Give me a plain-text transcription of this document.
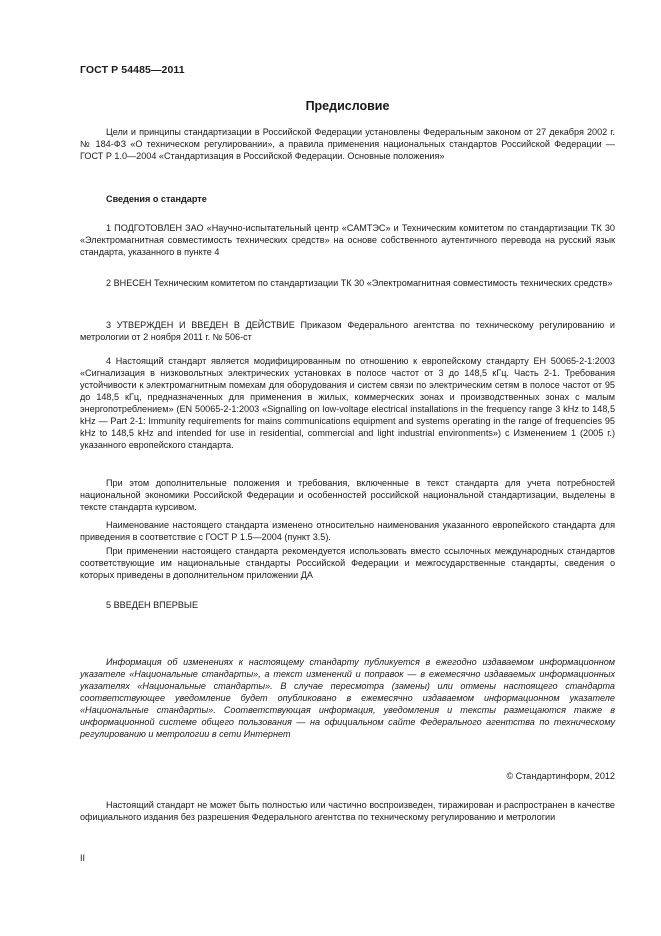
ГОСТ Р 54485—2011
Предисловие
Цели и принципы стандартизации в Российской Федерации установлены Федеральным законом от 27 декабря 2002 г. № 184-ФЗ «О техническом регулировании», а правила применения национальных стандартов Российской Федерации — ГОСТ Р 1.0—2004 «Стандартизация в Российской Федерации. Основные положения»
Сведения о стандарте
1 ПОДГОТОВЛЕН ЗАО «Научно-испытательный центр «САМТЭС» и Техническим комитетом по стандартизации ТК 30 «Электромагнитная совместимость технических средств» на основе собственного аутентичного перевода на русский язык стандарта, указанного в пункте 4
2 ВНЕСЕН Техническим комитетом по стандартизации ТК 30 «Электромагнитная совместимость технических средств»
3 УТВЕРЖДЕН И ВВЕДЕН В ДЕЙСТВИЕ Приказом Федерального агентства по техническому регулированию и метрологии от 2 ноября 2011 г. № 506-ст
4 Настоящий стандарт является модифицированным по отношению к европейскому стандарту ЕН 50065-2-1:2003 «Сигнализация в низковольтных электрических установках в полосе частот от 3 до 148,5 кГц. Часть 2-1. Требования устойчивости к электромагнитным помехам для оборудования и систем связи по электрическим сетям в полосе частот от 95 до 148,5 кГц, предназначенных для применения в жилых, коммерческих зонах и производственных зонах с малым энергопотреблением» (EN 50065-2-1:2003 «Signalling on low-voltage electrical installations in the frequency range 3 kHz to 148,5 kHz — Part 2-1: Immunity requirements for mains communications equipment and systems operating in the range of frequencies 95 kHz to 148,5 kHz and intended for use in residential, commercial and light industrial environments») с Изменением 1 (2005 г.) указанного европейского стандарта.
При этом дополнительные положения и требования, включенные в текст стандарта для учета потребностей национальной экономики Российской Федерации и особенностей российской национальной стандартизации, выделены в тексте стандарта курсивом.
Наименование настоящего стандарта изменено относительно наименования указанного европейского стандарта для приведения в соответствие с ГОСТ Р 1.5—2004 (пункт 3.5).
При применении настоящего стандарта рекомендуется использовать вместо ссылочных международных стандартов соответствующие им национальные стандарты Российской Федерации и межгосударственные стандарты, сведения о которых приведены в дополнительном приложении ДА
5 ВВЕДЕН ВПЕРВЫЕ
Информация об изменениях к настоящему стандарту публикуется в ежегодно издаваемом информационном указателе «Национальные стандарты», а текст изменений и поправок — в ежемесячно издаваемых информационных указателях «Национальные стандарты». В случае пересмотра (замены) или отмены настоящего стандарта соответствующее уведомление будет опубликовано в ежемесячно издаваемом информационном указателе «Национальные стандарты». Соответствующая информация, уведомления и тексты размещаются также в информационной системе общего пользования — на официальном сайте Федерального агентства по техническому регулированию и метрологии в сети Интернет
© Стандартинформ, 2012
Настоящий стандарт не может быть полностью или частично воспроизведен, тиражирован и распространен в качестве официального издания без разрешения Федерального агентства по техническому регулированию и метрологии
II
